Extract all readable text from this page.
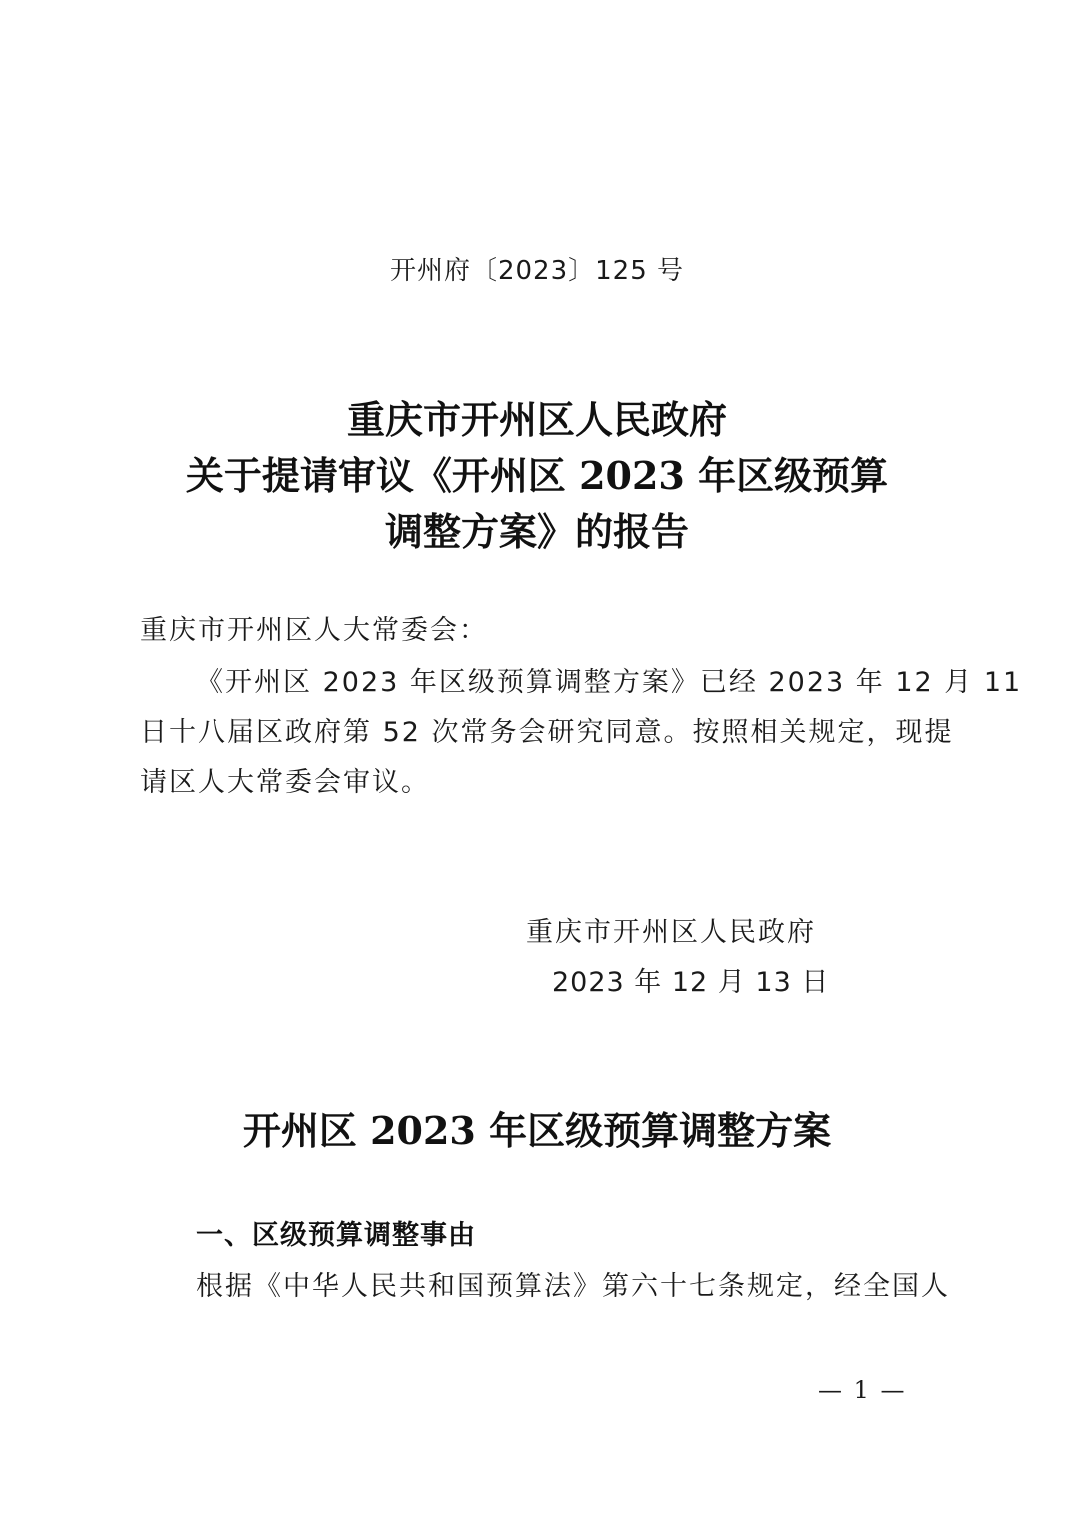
开州府〔2023〕125 号
重庆市开州区人民政府
关于提请审议《开州区 2023 年区级预算
调整方案》的报告
重庆市开州区人大常委会：
《开州区 2023 年区级预算调整方案》已经 2023 年 12 月 11
日十八届区政府第 52 次常务会研究同意。按照相关规定，现提
请区人大常委会审议。
重庆市开州区人民政府
2023 年 12 月 13 日
开州区 2023 年区级预算调整方案
一、区级预算调整事由
根据《中华人民共和国预算法》第六十七条规定，经全国人
— 1 —
